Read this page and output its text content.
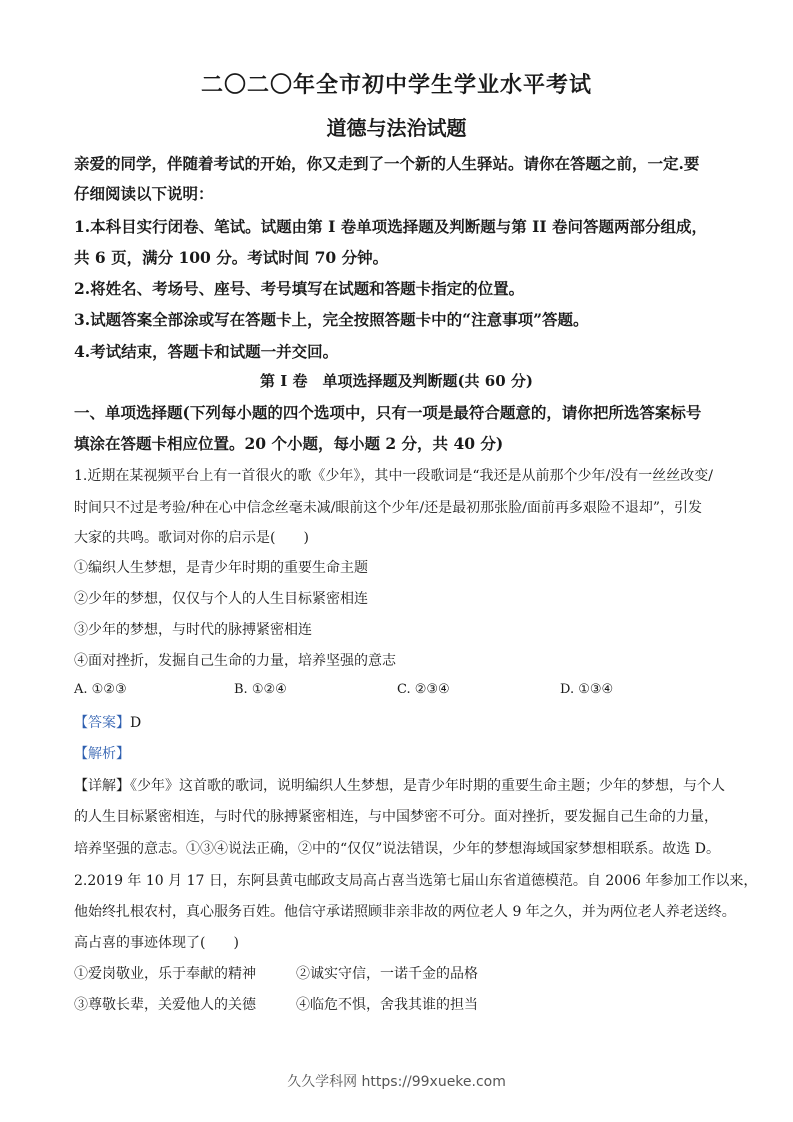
二〇二〇年全市初中学生学业水平考试
道德与法治试题
亲爱的同学，伴随着考试的开始，你又走到了一个新的人生驿站。请你在答题之前，一定.要
仔细阅读以下说明：
1.本科目实行闭卷、笔试。试题由第 I 卷单项选择题及判断题与第 II 卷问答题两部分组成，
共 6 页，满分 100 分。考试时间 70 分钟。
2.将姓名、考场号、座号、考号填写在试题和答题卡指定的位置。
3.试题答案全部涂或写在答题卡上，完全按照答题卡中的“注意事项”答题。
4.考试结束，答题卡和试题一并交回。
第 I 卷　单项选择题及判断题(共 60 分)
一、单项选择题(下列每小题的四个选项中，只有一项是最符合题意的，请你把所选答案标号
填涂在答题卡相应位置。20 个小题，每小题 2 分，共 40 分)
1.近期在某视频平台上有一首很火的歌《少年》，其中一段歌词是“我还是从前那个少年/没有一丝丝改变/
时间只不过是考验/种在心中信念丝毫未减/眼前这个少年/还是最初那张脸/面前再多艰险不退却”，引发
大家的共鸣。歌词对你的启示是(　　)
①编织人生梦想，是青少年时期的重要生命主题
②少年的梦想，仅仅与个人的人生目标紧密相连
③少年的梦想，与时代的脉搏紧密相连
④面对挫折，发掘自己生命的力量，培养坚强的意志
A. ①②③	B. ①②④	C. ②③④	D. ①③④
【答案】D
【解析】
【详解】《少年》这首歌的歌词，说明编织人生梦想，是青少年时期的重要生命主题；少年的梦想，与个人
的人生目标紧密相连，与时代的脉搏紧密相连，与中国梦密不可分。面对挫折，要发掘自己生命的力量，
培养坚强的意志。①③④说法正确，②中的“仅仅”说法错误，少年的梦想海域国家梦想相联系。故选 D。
2.2019 年 10 月 17 日，东阿县黄屯邮政支局高占喜当选第七届山东省道德模范。自 2006 年参加工作以来，
他始终扎根农村，真心服务百姓。他信守承诺照顾非亲非故的两位老人 9 年之久，并为两位老人养老送终。
高占喜的事迹体现了(　　)
①爱岗敬业，乐于奉献的精神	②诚实守信，一诺千金的品格
③尊敬长辈，关爱他人的关德	④临危不惧，舍我其谁的担当
久久学科网 https://99xueke.com
